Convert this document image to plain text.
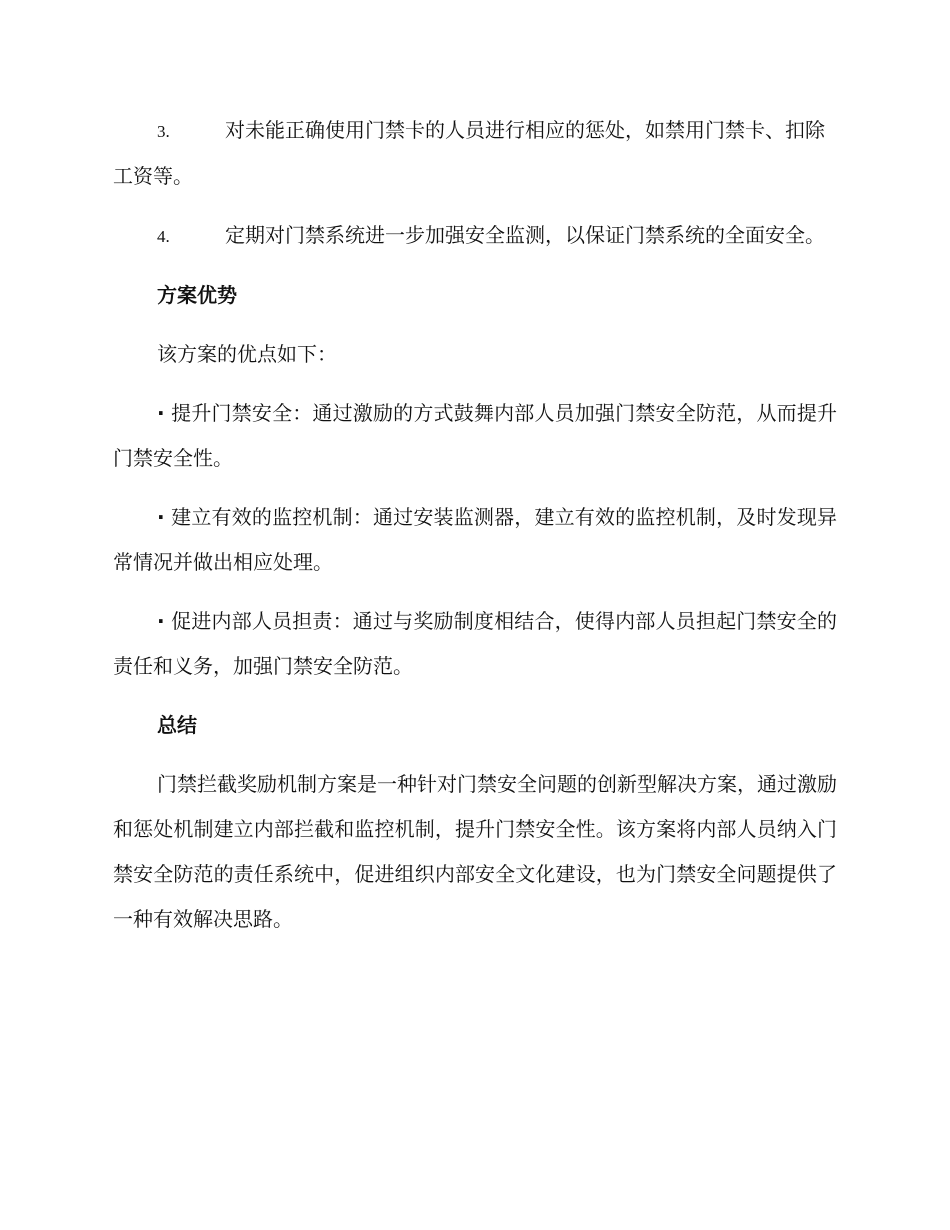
3.	对未能正确使用门禁卡的人员进行相应的惩处，如禁用门禁卡、扣除工资等。

4.	定期对门禁系统进一步加强安全监测，以保证门禁系统的全面安全。

方案优势

该方案的优点如下：

· 提升门禁安全：通过激励的方式鼓舞内部人员加强门禁安全防范，从而提升门禁安全性。

· 建立有效的监控机制：通过安装监测器，建立有效的监控机制，及时发现异常情况并做出相应处理。

· 促进内部人员担责：通过与奖励制度相结合，使得内部人员担起门禁安全的责任和义务，加强门禁安全防范。

总结

门禁拦截奖励机制方案是一种针对门禁安全问题的创新型解决方案，通过激励和惩处机制建立内部拦截和监控机制，提升门禁安全性。该方案将内部人员纳入门禁安全防范的责任系统中，促进组织内部安全文化建设，也为门禁安全问题提供了一种有效解决思路。
